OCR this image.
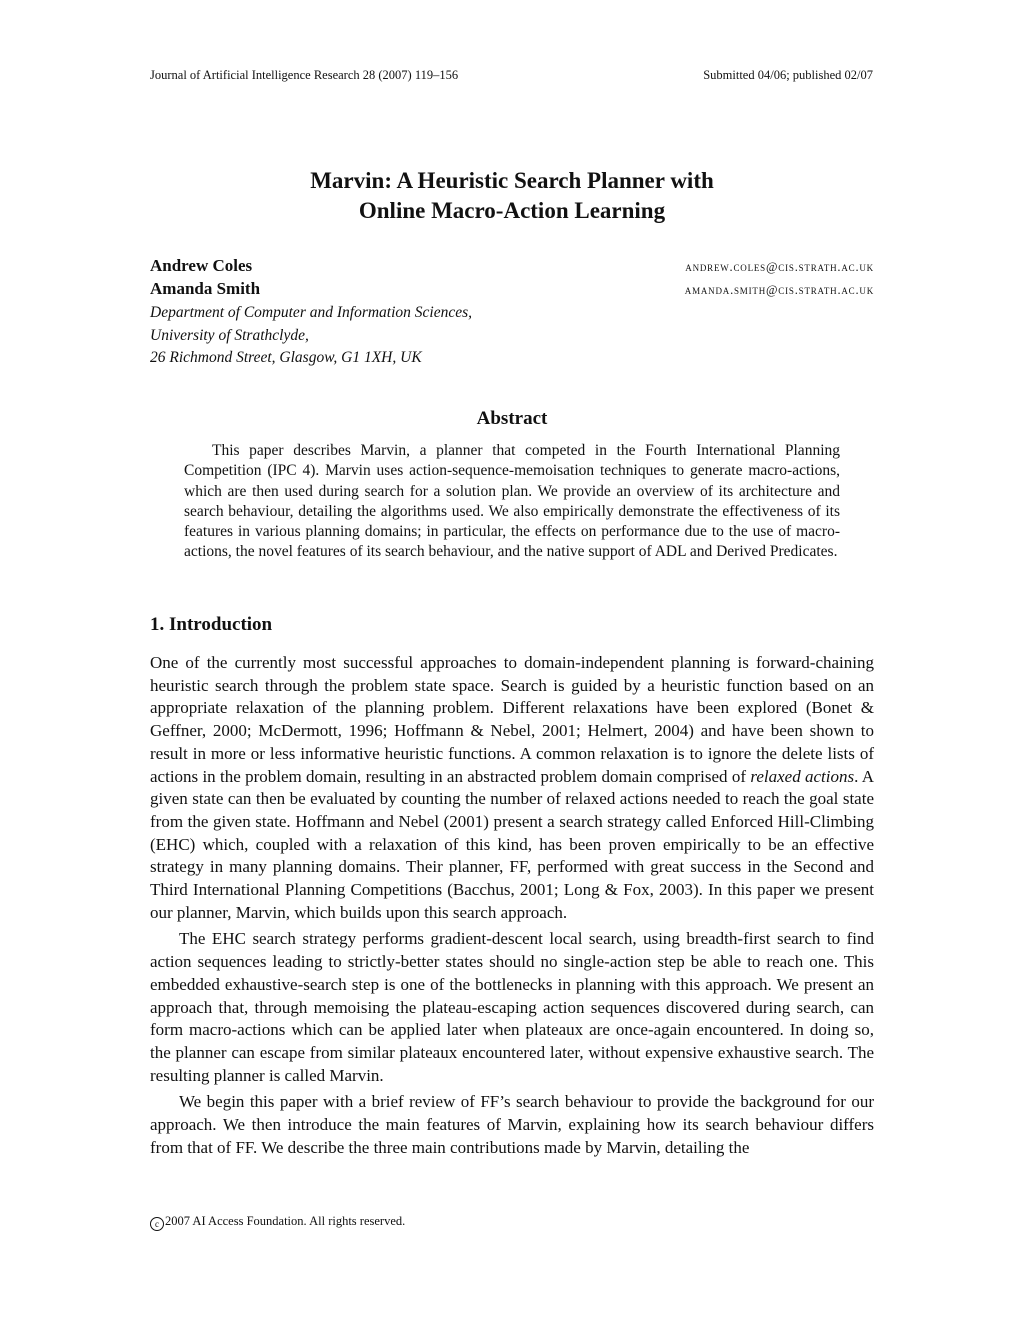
Journal of Artificial Intelligence Research 28 (2007) 119–156	Submitted 04/06; published 02/07
Marvin: A Heuristic Search Planner with
Online Macro-Action Learning
Andrew Coles	andrew.coles@cis.strath.ac.uk
Amanda Smith	amanda.smith@cis.strath.ac.uk
Department of Computer and Information Sciences,
University of Strathclyde,
26 Richmond Street, Glasgow, G1 1XH, UK
Abstract
This paper describes Marvin, a planner that competed in the Fourth International Planning Competition (IPC 4). Marvin uses action-sequence-memoisation techniques to generate macro-actions, which are then used during search for a solution plan. We provide an overview of its architecture and search behaviour, detailing the algorithms used. We also empirically demonstrate the effectiveness of its features in various planning domains; in particular, the effects on performance due to the use of macro-actions, the novel features of its search behaviour, and the native support of ADL and Derived Predicates.
1. Introduction

One of the currently most successful approaches to domain-independent planning is forward-chaining heuristic search through the problem state space. Search is guided by a heuristic function based on an appropriate relaxation of the planning problem. Different relaxations have been explored (Bonet & Geffner, 2000; McDermott, 1996; Hoffmann & Nebel, 2001; Helmert, 2004) and have been shown to result in more or less informative heuristic functions. A common relaxation is to ignore the delete lists of actions in the problem domain, resulting in an abstracted problem domain comprised of relaxed actions. A given state can then be evaluated by counting the number of relaxed actions needed to reach the goal state from the given state. Hoffmann and Nebel (2001) present a search strategy called Enforced Hill-Climbing (EHC) which, coupled with a relaxation of this kind, has been proven empirically to be an effective strategy in many planning domains. Their planner, FF, performed with great success in the Second and Third International Planning Competitions (Bacchus, 2001; Long & Fox, 2003). In this paper we present our planner, Marvin, which builds upon this search approach.

The EHC search strategy performs gradient-descent local search, using breadth-first search to find action sequences leading to strictly-better states should no single-action step be able to reach one. This embedded exhaustive-search step is one of the bottlenecks in planning with this approach. We present an approach that, through memoising the plateau-escaping action sequences discovered during search, can form macro-actions which can be applied later when plateaux are once-again encountered. In doing so, the planner can escape from similar plateaux encountered later, without expensive exhaustive search. The resulting planner is called Marvin.

We begin this paper with a brief review of FF’s search behaviour to provide the background for our approach. We then introduce the main features of Marvin, explaining how its search behaviour differs from that of FF. We describe the three main contributions made by Marvin, detailing the

c 2007 AI Access Foundation. All rights reserved.
